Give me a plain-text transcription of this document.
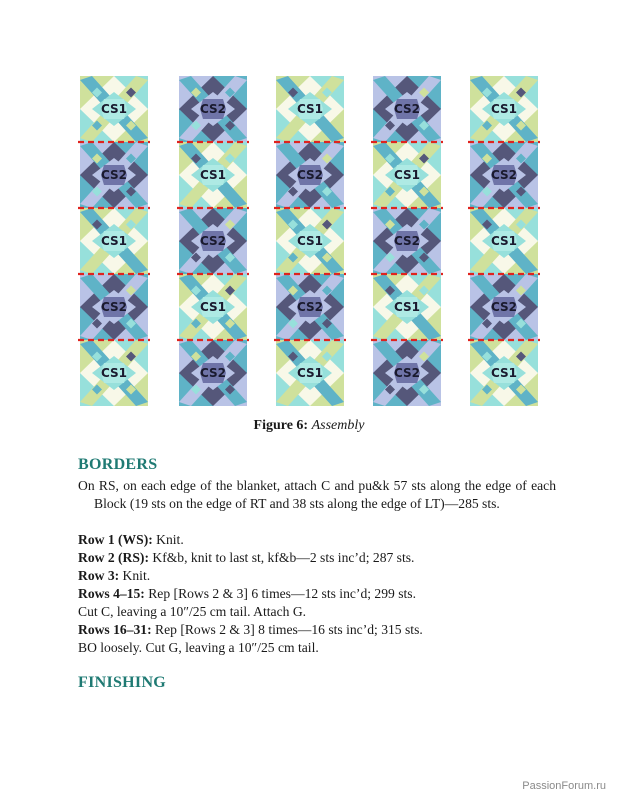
CS1
CS2
CS1
CS2
CS1
CS2
CS1
CS2
CS1
CS2
CS1
CS2
CS1
CS2
CS1
CS2
CS1
CS2
CS1
CS2
CS1
CS2
CS1
CS2
CS1
Figure 6: Assembly
BORDERS
On RS, on each edge of the blanket, attach C and pu&k 57 sts along the edge of each Block (19 sts on the edge of RT and 38 sts along the edge of LT)—285 sts.
Row 1 (WS): Knit.
Row 2 (RS): Kf&b, knit to last st, kf&b—2 sts inc’d; 287 sts.
Row 3: Knit.
Rows 4–15: Rep [Rows 2 & 3] 6 times—12 sts inc’d; 299 sts.
Cut C, leaving a 10″/25 cm tail. Attach G.
Rows 16–31: Rep [Rows 2 & 3] 8 times—16 sts inc’d; 315 sts.
BO loosely. Cut G, leaving a 10″/25 cm tail.
FINISHING
PassionForum.ru
